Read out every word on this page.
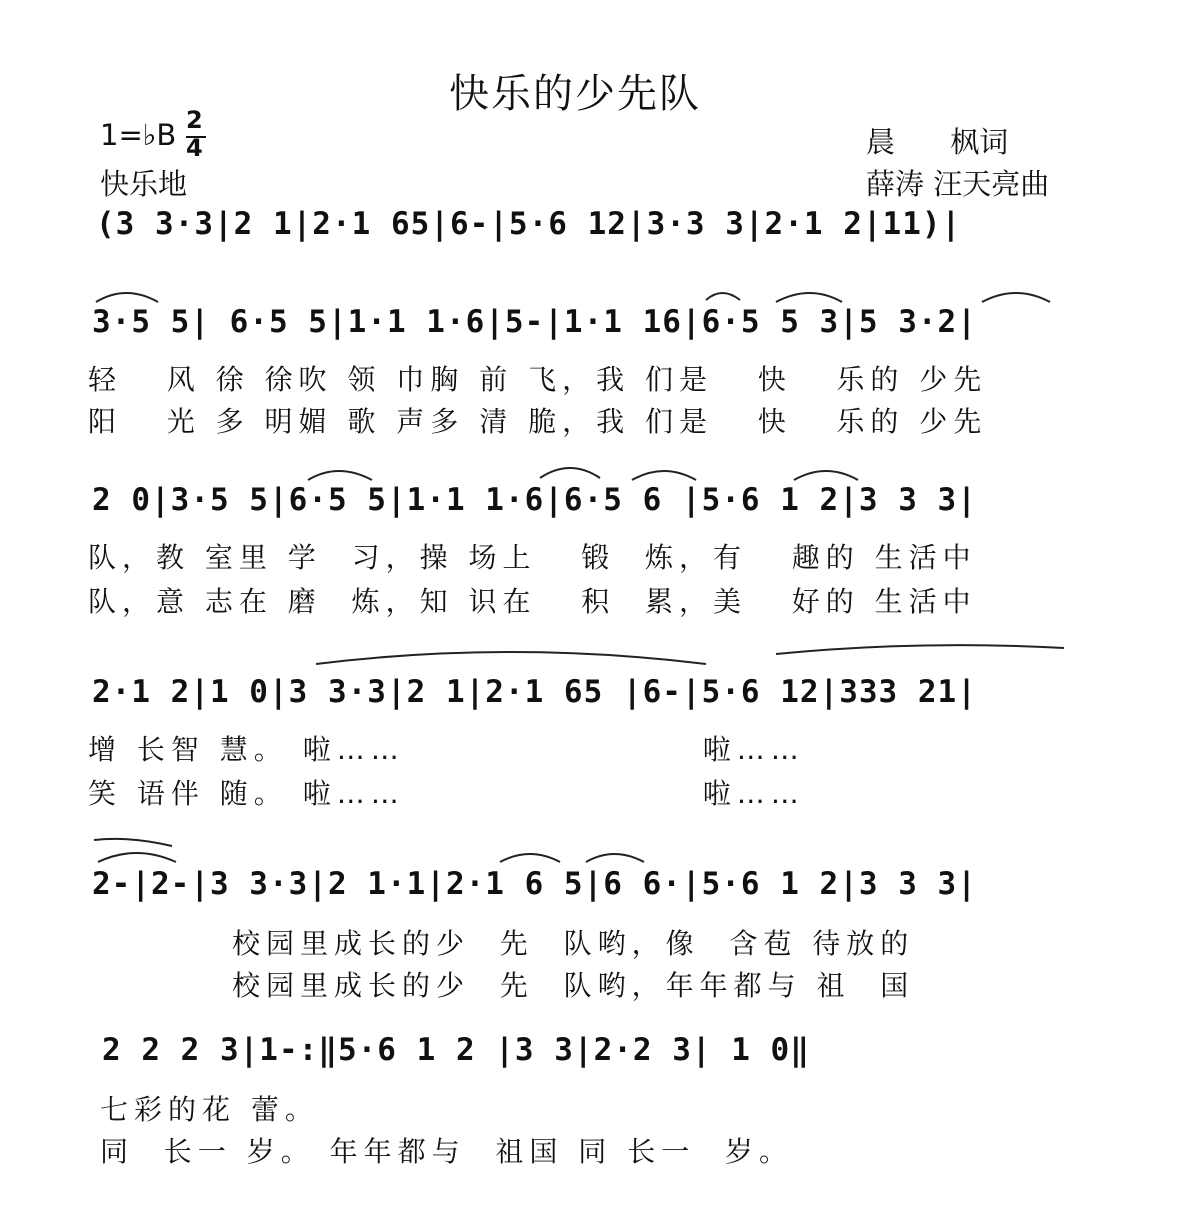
快乐的少先队
1=♭B 2
4
快乐地
晨      枫词
薛涛 汪天亮曲
(3 3·3|2 1|2·1 65|6-|5·6 12|3·3 3|2·1 2|11)|
3·5 5| 6·5 5|1·1 1·6|5-|1·1 16|6·5 5 3|5 3·2|
轻   风 徐 徐吹 领 巾胸 前 飞，我 们是   快   乐的 少先
阳   光 多 明媚 歌 声多 清 脆，我 们是   快   乐的 少先
2 0|3·5 5|6·5 5|1·1 1·6|6·5 6 |5·6 1 2|3 3 3|
队，教 室里 学  习，操 场上   锻  炼，有   趣的 生活中
队，意 志在 磨  炼，知 识在   积  累，美   好的 生活中
2·1 2|1 0|3 3·3|2 1|2·1 65 |6-|5·6 12|333 21|
增 长智 慧。 啦……                    啦……
笑 语伴 随。 啦……                    啦……
2-|2-|3 3·3|2 1·1|2·1 6 5|6 6·|5·6 1 2|3 3 3|
校园里成长的少  先  队哟，像  含苞 待放的
校园里成长的少  先  队哟，年年都与 祖  国
2 2 2 3|1-:‖5·6 1 2 |3 3|2·2 3| 1 0‖
七彩的花 蕾。
同  长一 岁。 年年都与  祖国 同 长一  岁。
